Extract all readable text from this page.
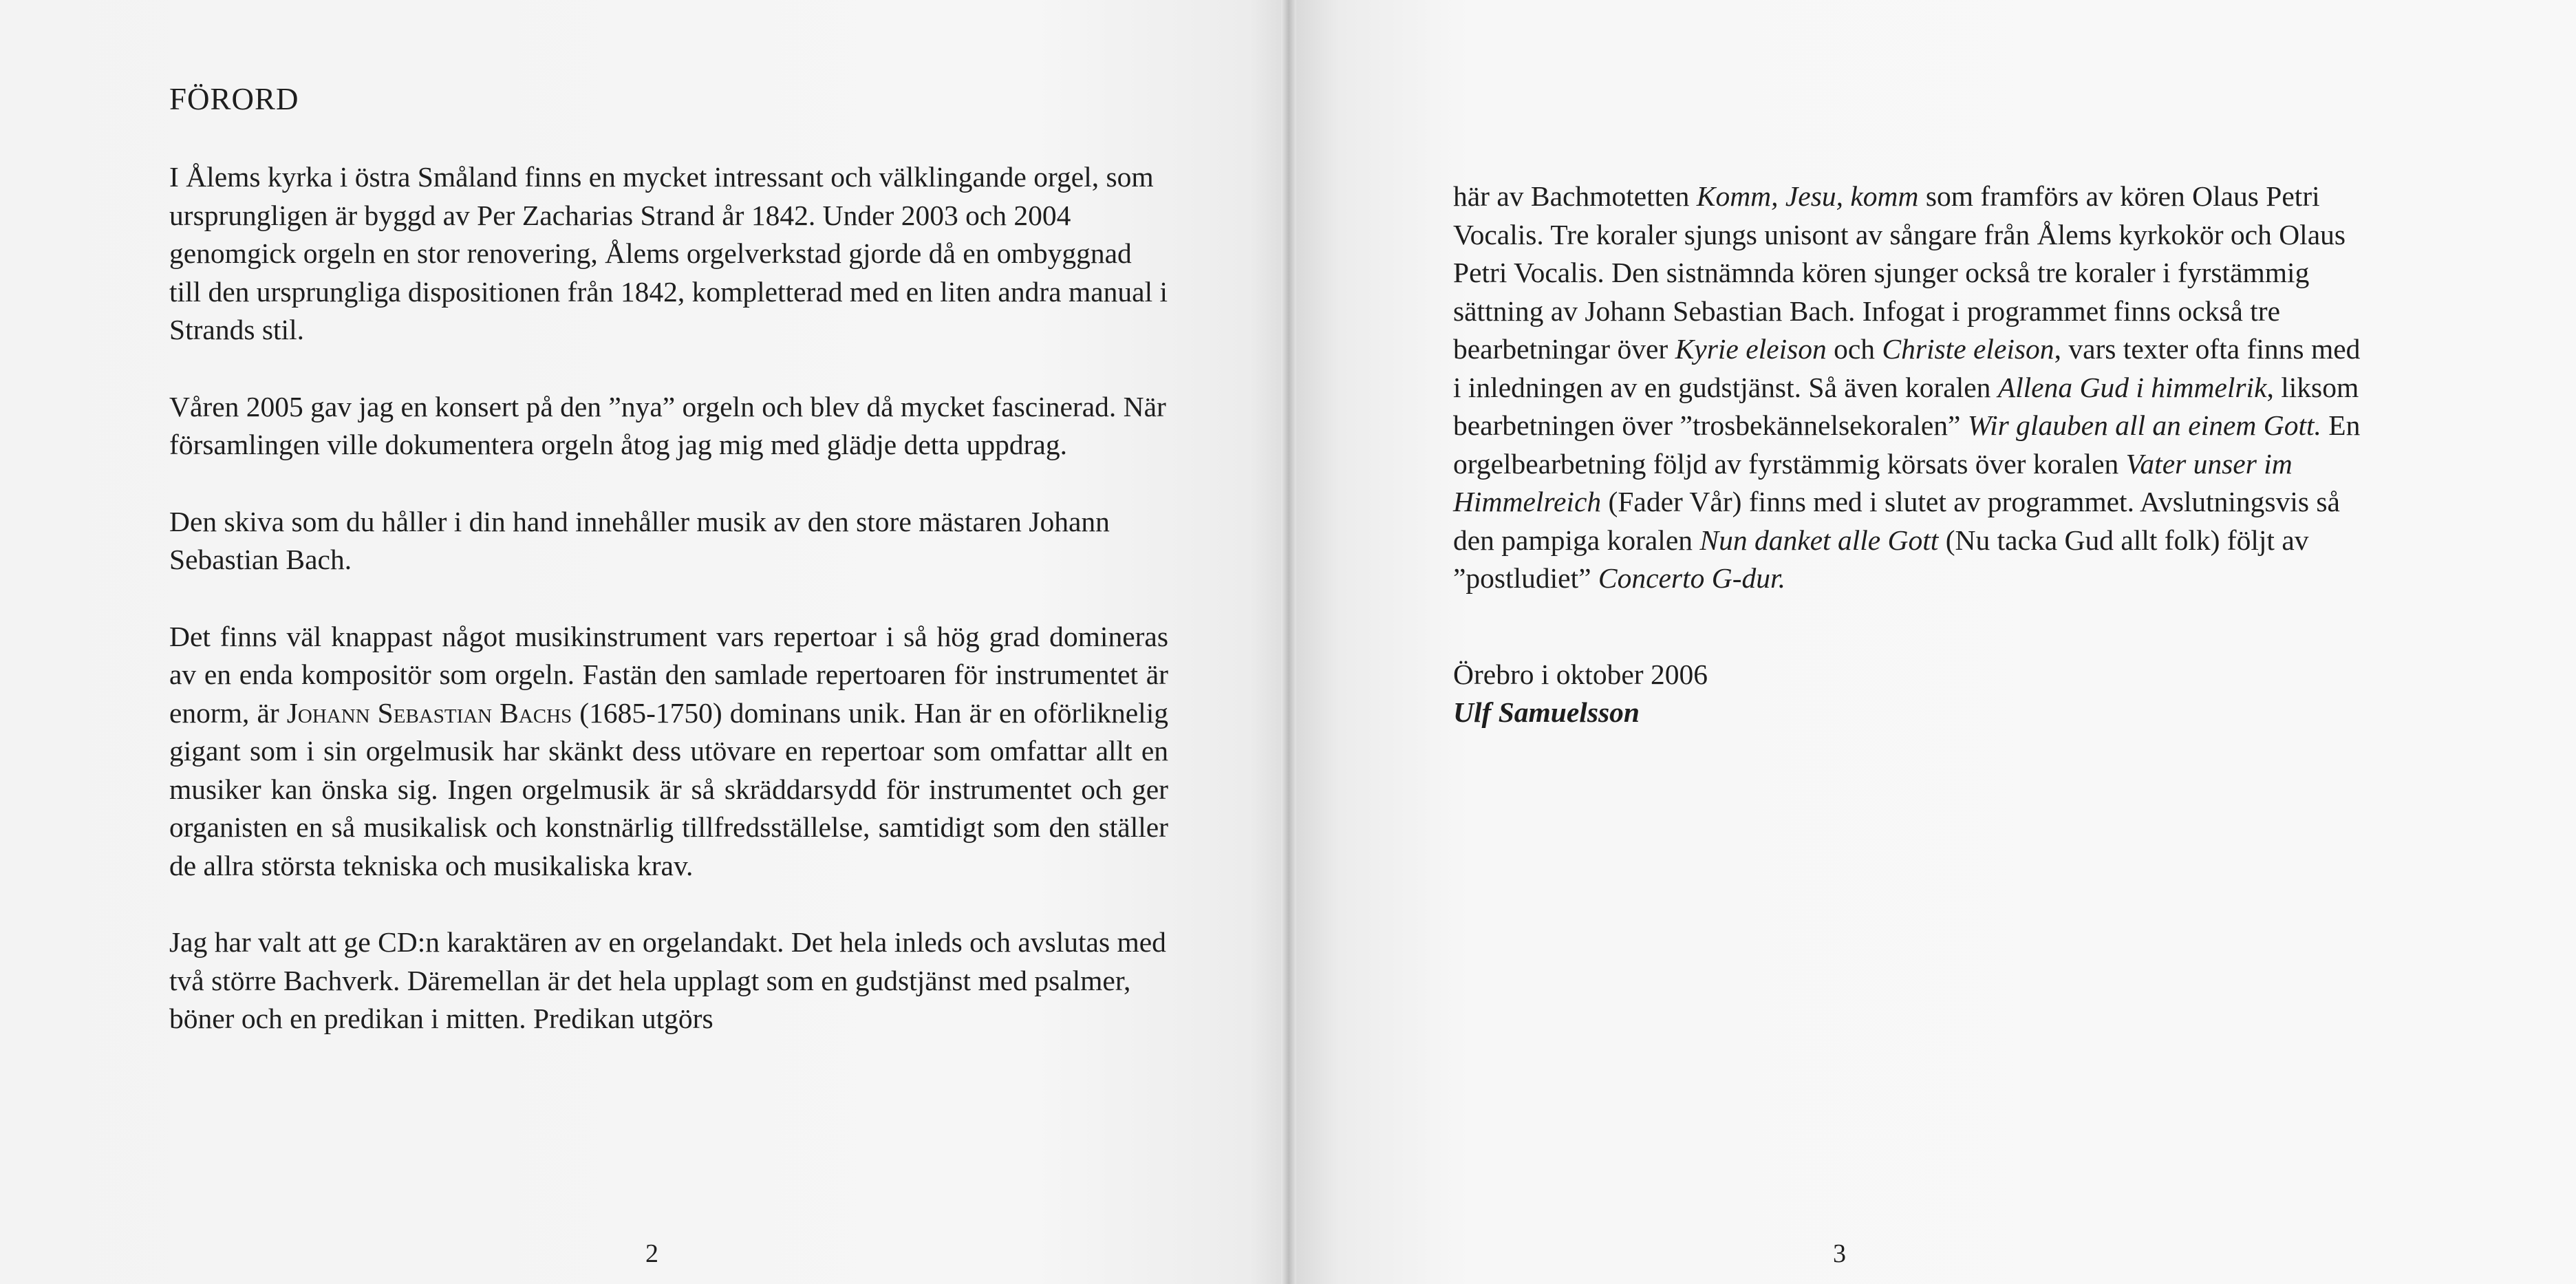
FÖRORD

I Ålems kyrka i östra Småland finns en mycket intressant och välklingande orgel, som ursprungligen är byggd av Per Zacharias Strand år 1842. Under 2003 och 2004 genomgick orgeln en stor renovering, Ålems orgelverkstad gjorde då en ombyggnad till den ursprungliga dispositionen från 1842, kompletterad med en liten andra manual i Strands stil.

Våren 2005 gav jag en konsert på den ”nya” orgeln och blev då mycket fascinerad. När församlingen ville dokumentera orgeln åtog jag mig med glädje detta uppdrag.

Den skiva som du håller i din hand innehåller musik av den store mästaren Johann Sebastian Bach.

Det finns väl knappast något musikinstrument vars repertoar i så hög grad domineras av en enda kompositör som orgeln. Fastän den samlade repertoaren för instrumentet är enorm, är Johann Sebastian Bachs (1685-1750) dominans unik. Han är en oförliknelig gigant som i sin orgelmusik har skänkt dess utövare en repertoar som omfattar allt en musiker kan önska sig. Ingen orgelmusik är så skräddarsydd för instrumentet och ger organisten en så musikalisk och konstnärlig tillfredsställelse, samtidigt som den ställer de allra största tekniska och musikaliska krav.

Jag har valt att ge CD:n karaktären av en orgelandakt. Det hela inleds och avslutas med två större Bachverk. Däremellan är det hela upplagt som en gudstjänst med psalmer, böner och en predikan i mitten. Predikan utgörs

2

här av Bachmotetten Komm, Jesu, komm som framförs av kören Olaus Petri Vocalis. Tre koraler sjungs unisont av sångare från Ålems kyrkokör och Olaus Petri Vocalis. Den sistnämnda kören sjunger också tre koraler i fyrstämmig sättning av Johann Sebastian Bach. Infogat i programmet finns också tre bearbetningar över Kyrie eleison och Christe eleison, vars texter ofta finns med i inledningen av en gudstjänst. Så även koralen Allena Gud i himmelrik, liksom bearbetningen över ”trosbekännelsekoralen” Wir glauben all an einem Gott. En orgelbearbetning följd av fyrstämmig körsats över koralen Vater unser im Himmelreich (Fader Vår) finns med i slutet av programmet. Avslutningsvis så den pampiga koralen Nun danket alle Gott (Nu tacka Gud allt folk) följt av ”postludiet” Concerto G-dur.

Örebro i oktober 2006
Ulf Samuelsson
3
